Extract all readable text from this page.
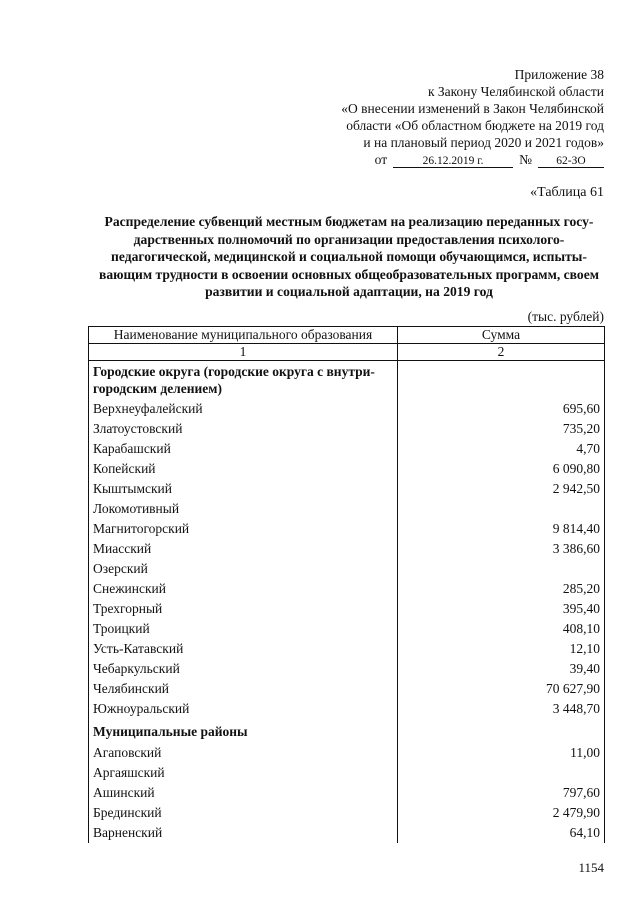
Приложение 38
к Закону Челябинской области
«О внесении изменений в Закон Челябинской
области «Об областном бюджете на 2019 год
и на плановый период 2020 и 2021 годов»
от	26.12.2019 г.	№	62-ЗО
«Таблица 61
Распределение субвенций местным бюджетам на реализацию переданных госу-дарственных полномочий по организации предоставления психолого-педагогической, медицинской и социальной помощи обучающимся, испыты-вающим трудности в освоении основных общеобразовательных программ, своем развитии и социальной адаптации, на 2019 год
(тыс. рублей)
Наименование муниципального образования	Сумма
1	2
Городские округа (городские округа с внутри-городским делением)	
Верхнеуфалейский	695,60
Златоустовский	735,20
Карабашский	4,70
Копейский	6 090,80
Кыштымский	2 942,50
Локомотивный	
Магнитогорский	9 814,40
Миасский	3 386,60
Озерский	
Снежинский	285,20
Трехгорный	395,40
Троицкий	408,10
Усть-Катавский	12,10
Чебаркульский	39,40
Челябинский	70 627,90
Южноуральский	3 448,70
Муниципальные районы	
Агаповский	11,00
Аргаяшский	
Ашинский	797,60
Брединский	2 479,90
Варненский	64,10
1154
